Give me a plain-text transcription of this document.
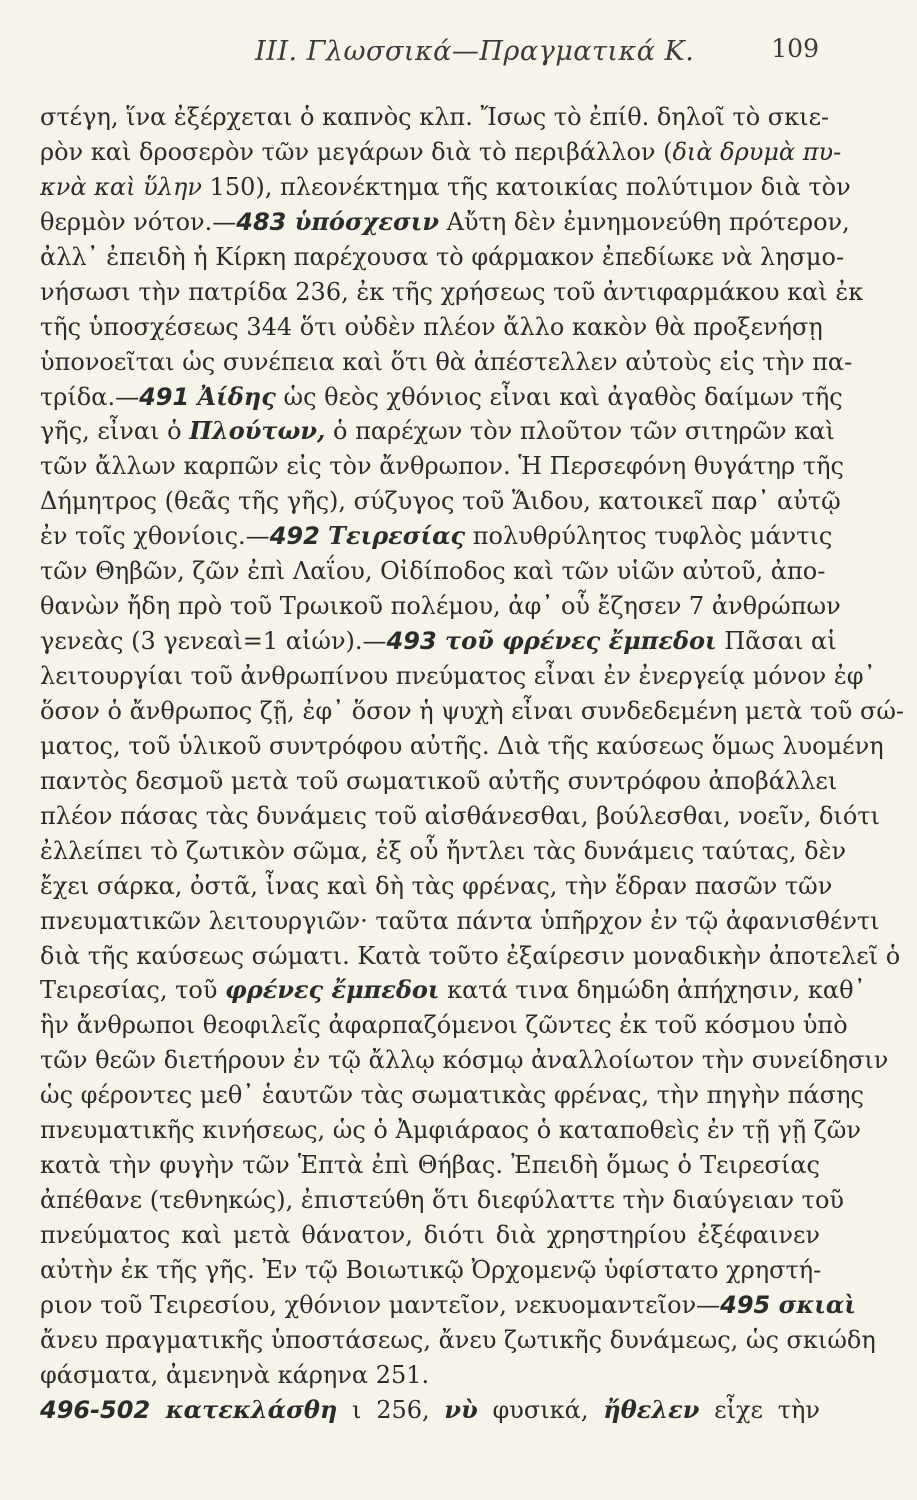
III. Γλωσσικά—Πραγματικά Κ.	109
στέγη, ἵνα ἐξέρχεται ὁ καπνὸς κλπ. Ἴσως τὸ ἐπίθ. δηλοῖ τὸ σκιε-
ρὸν καὶ δροσερὸν τῶν μεγάρων διὰ τὸ περιβάλλον (διὰ δρυμὰ πυ-
κνὰ καὶ ὕλην 150), πλεονέκτημα τῆς κατοικίας πολύτιμον διὰ τὸν
θερμὸν νότον.—483 ὑπόσχεσιν Αὔτη δὲν ἐμνημονεύθη πρότερον,
ἀλλ᾽ ἐπειδὴ ἡ Κίρκη παρέχουσα τὸ φάρμακον ἐπεδίωκε νὰ λησμο-
νήσωσι τὴν πατρίδα 236, ἐκ τῆς χρήσεως τοῦ ἀντιφαρμάκου καὶ ἐκ
τῆς ὑποσχέσεως 344 ὅτι οὐδὲν πλέον ἄλλο κακὸν θὰ προξενήσῃ
ὑπονοεῖται ὡς συνέπεια καὶ ὅτι θὰ ἀπέστελλεν αὐτοὺς εἰς τὴν πα-
τρίδα.—491 Ἀίδης ὡς θεὸς χθόνιος εἶναι καὶ ἀγαθὸς δαίμων τῆς
γῆς, εἶναι ὁ Πλούτων, ὁ παρέχων τὸν πλοῦτον τῶν σιτηρῶν καὶ
τῶν ἄλλων καρπῶν εἰς τὸν ἄνθρωπον. Ἡ Περσεφόνη θυγάτηρ τῆς
Δήμητρος (θεᾶς τῆς γῆς), σύζυγος τοῦ Ἅιδου, κατοικεῖ παρ᾽ αὐτῷ
ἐν τοῖς χθονίοις.—492 Τειρεσίας πολυθρύλητος τυφλὸς μάντις
τῶν Θηβῶν, ζῶν ἐπὶ Λαΐου, Οἰδίποδος καὶ τῶν υἱῶν αὐτοῦ, ἀπο-
θανὼν ἤδη πρὸ τοῦ Τρωικοῦ πολέμου, ἀφ᾽ οὗ ἔζησεν 7 ἀνθρώπων
γενεὰς (3 γενεαὶ=1 αἰών).—493 τοῦ φρένες ἔμπεδοι Πᾶσαι αἱ
λειτουργίαι τοῦ ἀνθρωπίνου πνεύματος εἶναι ἐν ἐνεργείᾳ μόνον ἐφ᾽
ὅσον ὁ ἄνθρωπος ζῇ, ἐφ᾽ ὅσον ἡ ψυχὴ εἶναι συνδεδεμένη μετὰ τοῦ σώ-
ματος, τοῦ ὑλικοῦ συντρόφου αὐτῆς. Διὰ τῆς καύσεως ὅμως λυομένη
παντὸς δεσμοῦ μετὰ τοῦ σωματικοῦ αὐτῆς συντρόφου ἀποβάλλει
πλέον πάσας τὰς δυνάμεις τοῦ αἰσθάνεσθαι, βούλεσθαι, νοεῖν, διότι
ἐλλείπει τὸ ζωτικὸν σῶμα, ἐξ οὗ ἤντλει τὰς δυνάμεις ταύτας, δὲν
ἔχει σάρκα, ὀστᾶ, ἶνας καὶ δὴ τὰς φρένας, τὴν ἕδραν πασῶν τῶν
πνευματικῶν λειτουργιῶν· ταῦτα πάντα ὑπῆρχον ἐν τῷ ἀφανισθέντι
διὰ τῆς καύσεως σώματι. Κατὰ τοῦτο ἐξαίρεσιν μοναδικὴν ἀποτελεῖ ὁ
Τειρεσίας, τοῦ φρένες ἔμπεδοι κατά τινα δημώδη ἀπήχησιν, καθ᾽
ἣν ἄνθρωποι θεοφιλεῖς ἀφαρπαζόμενοι ζῶντες ἐκ τοῦ κόσμου ὑπὸ
τῶν θεῶν διετήρουν ἐν τῷ ἄλλῳ κόσμῳ ἀναλλοίωτον τὴν συνείδησιν
ὡς φέροντες μεθ᾽ ἑαυτῶν τὰς σωματικὰς φρένας, τὴν πηγὴν πάσης
πνευματικῆς κινήσεως, ὡς ὁ Ἀμφιάραος ὁ καταποθεὶς ἐν τῇ γῇ ζῶν
κατὰ τὴν φυγὴν τῶν Ἑπτὰ ἐπὶ Θήβας. Ἐπειδὴ ὅμως ὁ Τειρεσίας
ἀπέθανε (τεθνηκώς), ἐπιστεύθη ὅτι διεφύλαττε τὴν διαύγειαν τοῦ
πνεύματος καὶ μετὰ θάνατον, διότι διὰ χρηστηρίου ἐξέφαινεν
αὐτὴν ἐκ τῆς γῆς. Ἐν τῷ Βοιωτικῷ Ὀρχομενῷ ὑφίστατο χρηστή-
ριον τοῦ Τειρεσίου, χθόνιον μαντεῖον, νεκυομαντεῖον—495 σκιαὶ
ἄνευ πραγματικῆς ὑποστάσεως, ἄνευ ζωτικῆς δυνάμεως, ὡς σκιώδη
φάσματα, ἀμενηνὰ κάρηνα 251.
496-502 κατεκλάσθη ι 256, νὺ φυσικά, ἤθελεν εἶχε τὴν
